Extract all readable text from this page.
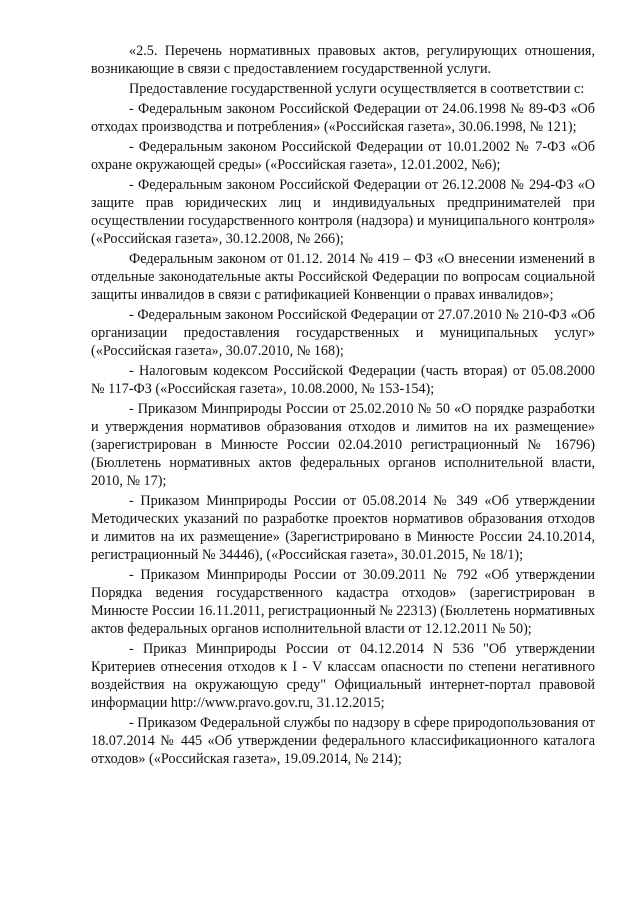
«2.5. Перечень нормативных правовых актов, регулирующих отношения, возникающие в связи с предоставлением государственной услуги.

Предоставление государственной услуги осуществляется в соответствии с:

- Федеральным законом Российской Федерации от 24.06.1998 № 89-ФЗ «Об отходах производства и потребления» («Российская газета», 30.06.1998, № 121);

- Федеральным законом Российской Федерации от 10.01.2002 № 7-ФЗ «Об охране окружающей среды» («Российская газета», 12.01.2002, №6);

- Федеральным законом Российской Федерации от 26.12.2008 № 294-ФЗ «О защите прав юридических лиц и индивидуальных предпринимателей при осуществлении государственного контроля (надзора) и муниципального контроля» («Российская газета», 30.12.2008, № 266);

Федеральным законом от 01.12. 2014 № 419 – ФЗ «О внесении изменений в отдельные законодательные акты Российской Федерации по вопросам социальной защиты инвалидов в связи с ратификацией Конвенции о правах инвалидов»;

- Федеральным законом Российской Федерации от 27.07.2010 № 210-ФЗ «Об организации предоставления государственных и муниципальных услуг» («Российская газета», 30.07.2010, № 168);

- Налоговым кодексом Российской Федерации (часть вторая) от 05.08.2000 № 117-ФЗ («Российская газета», 10.08.2000, № 153-154);

- Приказом Минприроды России от 25.02.2010 № 50 «О порядке разработки и утверждения нормативов образования отходов и лимитов на их размещение» (зарегистрирован в Минюсте России 02.04.2010 регистрационный № 16796) (Бюллетень нормативных актов федеральных органов исполнительной власти, 2010, № 17);

- Приказом Минприроды России от 05.08.2014 № 349 «Об утверждении Методических указаний по разработке проектов нормативов образования отходов и лимитов на их размещение» (Зарегистрировано в Минюсте России 24.10.2014, регистрационный № 34446), («Российская газета», 30.01.2015, № 18/1);

- Приказом Минприроды России от 30.09.2011 № 792 «Об утверждении Порядка ведения государственного кадастра отходов» (зарегистрирован в Минюсте России 16.11.2011, регистрационный № 22313) (Бюллетень нормативных актов федеральных органов исполнительной власти от 12.12.2011 № 50);

- Приказ Минприроды России от 04.12.2014 N 536 "Об утверждении Критериев отнесения отходов к I - V классам опасности по степени негативного воздействия на окружающую среду" Официальный интернет-портал правовой информации http://www.pravo.gov.ru, 31.12.2015;

- Приказом Федеральной службы по надзору в сфере природопользования от 18.07.2014 № 445 «Об утверждении федерального классификационного каталога отходов» («Российская газета», 19.09.2014, № 214);
